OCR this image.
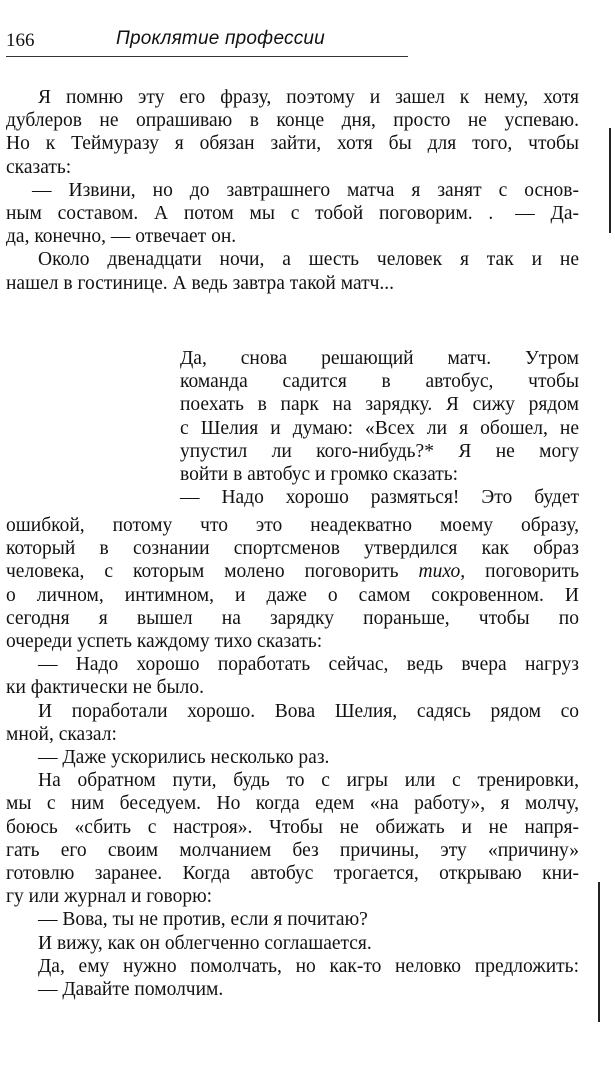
166	Проклятие профессии
Я помню эту его фразу, поэтому и зашел к нему, хотя
дублеров не опрашиваю в конце дня, просто не успеваю.
Но к Теймуразу я обязан зайти, хотя бы для того, чтобы
сказать:
— Извини, но до завтрашнего матча я занят с основ-
ным составом. А потом мы с тобой поговорим. . — Да-
да, конечно, — отвечает он.
Около двенадцати ночи, а шесть человек я так и не
нашел в гостинице. А ведь завтра такой матч...
Да, снова решающий матч. Утром
команда садится в автобус, чтобы
поехать в парк на зарядку. Я сижу рядом
с Шелия и думаю: «Всех ли я обошел, не
упустил ли кого-нибудь?* Я не могу
войти в автобус и громко сказать:
— Надо хорошо размяться! Это будет
ошибкой, потому что это неадекватно моему образу,
который в сознании спортсменов утвердился как образ
человека, с которым молено поговорить тихо, поговорить
о личном, интимном, и даже о самом сокровенном. И
сегодня я вышел на зарядку пораньше, чтобы по
очереди успеть каждому тихо сказать:
— Надо хорошо поработать сейчас, ведь вчера нагруз
ки фактически не было.
И поработали хорошо. Вова Шелия, садясь рядом со
мной, сказал:
— Даже ускорились несколько раз.
На обратном пути, будь то с игры или с тренировки,
мы с ним беседуем. Но когда едем «на работу», я молчу,
боюсь «сбить с настроя». Чтобы не обижать и не напря-
гать его своим молчанием без причины, эту «причину»
готовлю заранее. Когда автобус трогается, открываю кни-
гу или журнал и говорю:
— Вова, ты не против, если я почитаю?
И вижу, как он облегченно соглашается.
Да, ему нужно помолчать, но как-то неловко предложить:
— Давайте помолчим.
